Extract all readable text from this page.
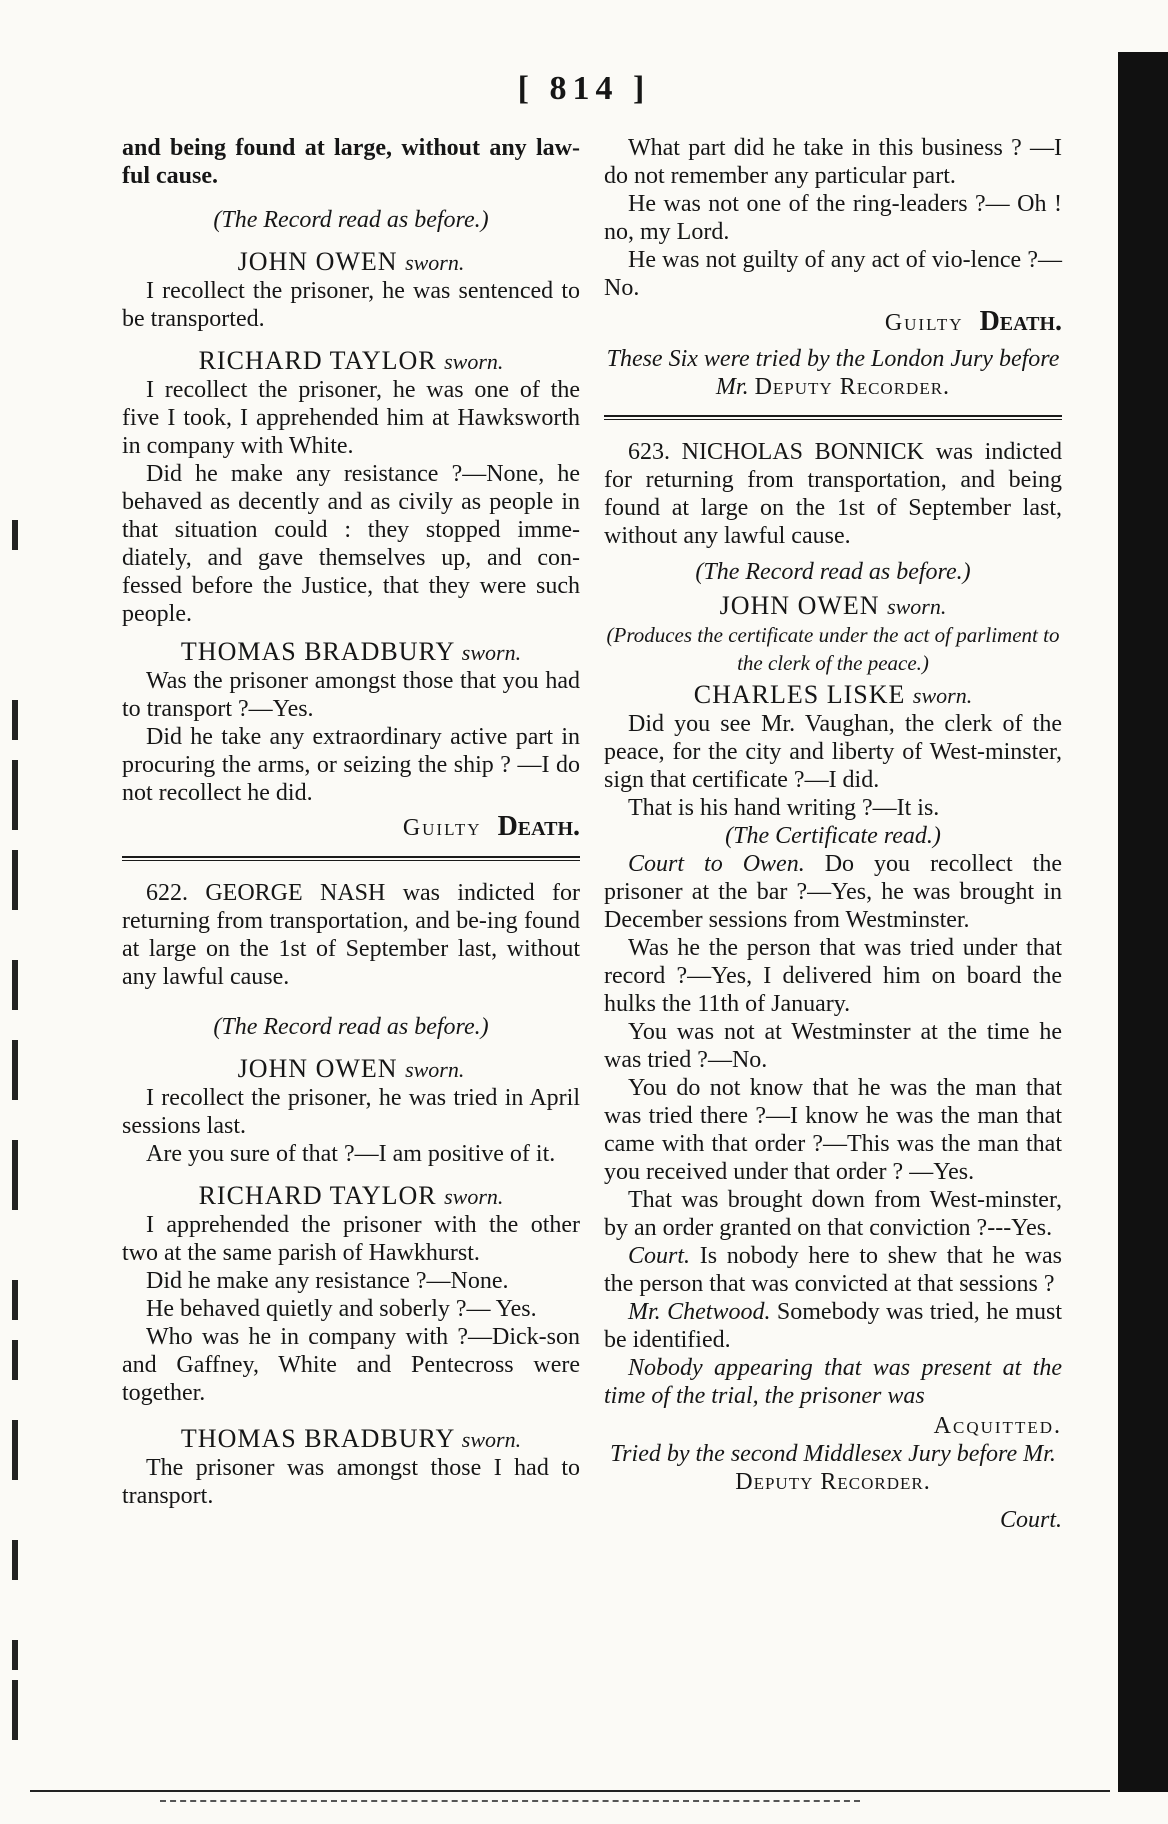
[ 814 ]

and being found at large, without any law-ful cause.

(The Record read as before.)

JOHN OWEN sworn.

I recollect the prisoner, he was sentenced to be transported.

RICHARD TAYLOR sworn.

I recollect the prisoner, he was one of the five I took, I apprehended him at Hawksworth in company with White.

Did he make any resistance ?—None, he behaved as decently and as civily as people in that situation could : they stopped imme-diately, and gave themselves up, and con-fessed before the Justice, that they were such people.

THOMAS BRADBURY sworn.

Was the prisoner amongst those that you had to transport ?—Yes.

Did he take any extraordinary active part in procuring the arms, or seizing the ship ? —I do not recollect he did.

Guilty Death.

622. GEORGE NASH was indicted for returning from transportation, and be-ing found at large on the 1st of September last, without any lawful cause.

(The Record read as before.)

JOHN OWEN sworn.

I recollect the prisoner, he was tried in April sessions last.

Are you sure of that ?—I am positive of it.

RICHARD TAYLOR sworn.

I apprehended the prisoner with the other two at the same parish of Hawkhurst.

Did he make any resistance ?—None.

He behaved quietly and soberly ?— Yes.

Who was he in company with ?—Dick-son and Gaffney, White and Pentecross were together.

THOMAS BRADBURY sworn.

The prisoner was amongst those I had to transport.

What part did he take in this business ? —I do not remember any particular part.

He was not one of the ring-leaders ?— Oh ! no, my Lord.

He was not guilty of any act of vio-lence ?—No.

Guilty Death.

These Six were tried by the London Jury before Mr. Deputy Recorder.

623. NICHOLAS BONNICK was indicted for returning from transportation, and being found at large on the 1st of September last, without any lawful cause.

(The Record read as before.)

JOHN OWEN sworn.

(Produces the certificate under the act of parliment to the clerk of the peace.)

CHARLES LISKE sworn.

Did you see Mr. Vaughan, the clerk of the peace, for the city and liberty of West-minster, sign that certificate ?—I did.

That is his hand writing ?—It is.

(The Certificate read.)

Court to Owen. Do you recollect the prisoner at the bar ?—Yes, he was brought in December sessions from Westminster.

Was he the person that was tried under that record ?—Yes, I delivered him on board the hulks the 11th of January.

You was not at Westminster at the time he was tried ?—No.

You do not know that he was the man that was tried there ?—I know he was the man that came with that order ?—This was the man that you received under that order ? —Yes.

That was brought down from West-minster, by an order granted on that conviction ?---Yes.

Court. Is nobody here to shew that he was the person that was convicted at that sessions ?

Mr. Chetwood. Somebody was tried, he must be identified.

Nobody appearing that was present at the time of the trial, the prisoner was

Acquitted.

Tried by the second Middlesex Jury before Mr.

Deputy Recorder.

Court.
